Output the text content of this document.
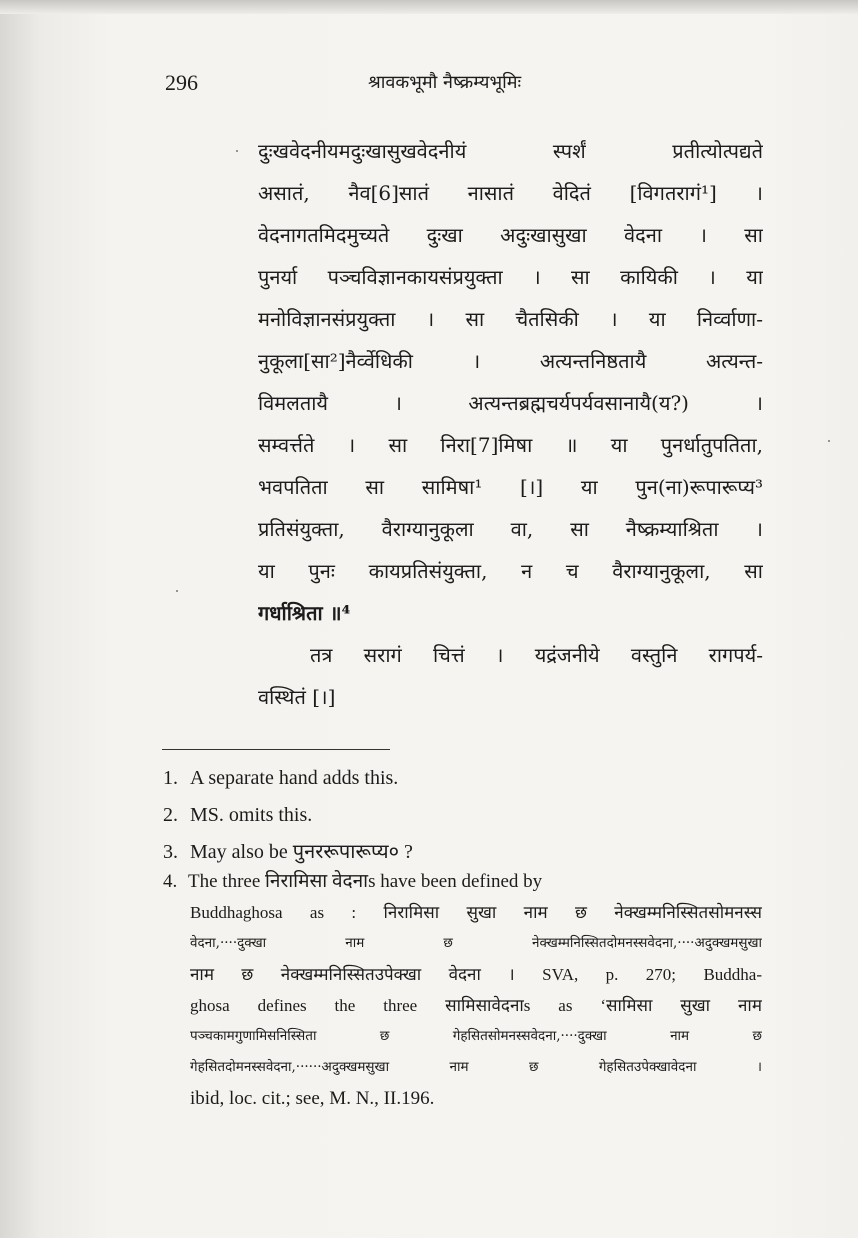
296	श्रावकभूमौ नैष्क्रम्यभूमिः
दुःखवेदनीयमदुःखासुखवेदनीयं स्पर्शं प्रतीत्योत्पद्यते
असातं, नैव[6]सातं नासातं वेदितं [विगतरागं¹] ।
वेदनागतमिदमुच्यते दुःखा अदुःखासुखा वेदना । सा
पुनर्या पञ्चविज्ञानकायसंप्रयुक्ता । सा कायिकी । या
मनोविज्ञानसंप्रयुक्ता । सा चैतसिकी । या निर्व्वाणा-
नुकूला[सा²]नैर्व्वेधिकी । अत्यन्तनिष्ठतायै अत्यन्त-
विमलतायै । अत्यन्तब्रह्मचर्यपर्यवसानायै(य?) ।
सम्वर्त्तते । सा निरा[7]मिषा ॥ या पुनर्धातुपतिता,
भवपतिता सा सामिषा¹ [।] या पुन(ना)रूपारूप्य³
प्रतिसंयुक्ता, वैराग्यानुकूला वा, सा नैष्क्रम्याश्रिता ।
या पुनः कायप्रतिसंयुक्ता, न च वैराग्यानुकूला, सा
गर्धाश्रिता ॥⁴
तत्र सरागं चित्तं । यद्रंजनीये वस्तुनि रागपर्य-
वस्थितं [।]
1. A separate hand adds this.
2. MS. omits this.
3. May also be पुनररूपारूप्य० ?
4. The three निरामिसा वेदनाs have been defined by
Buddhaghosa as : निरामिसा सुखा नाम छ नेक्खम्मनिस्सितसोमनस्स
वेदना,····दुक्खा नाम छ नेक्खम्मनिस्सितदोमनस्सवेदना,····अदुक्खमसुखा
नाम छ नेक्खम्मनिस्सितउपेक्खा वेदना । SVA, p. 270; Buddha-
ghosa defines the three सामिसावेदनाs as ‘सामिसा सुखा नाम
पञ्चकामगुणामिसनिस्सिता छ गेहसितसोमनस्सवेदना,····दुक्खा नाम छ
गेहसितदोमनस्सवेदना,······अदुक्खमसुखा नाम छ गेहसितउपेक्खावेदना ।
ibid, loc. cit.; see, M. N., II.196.
